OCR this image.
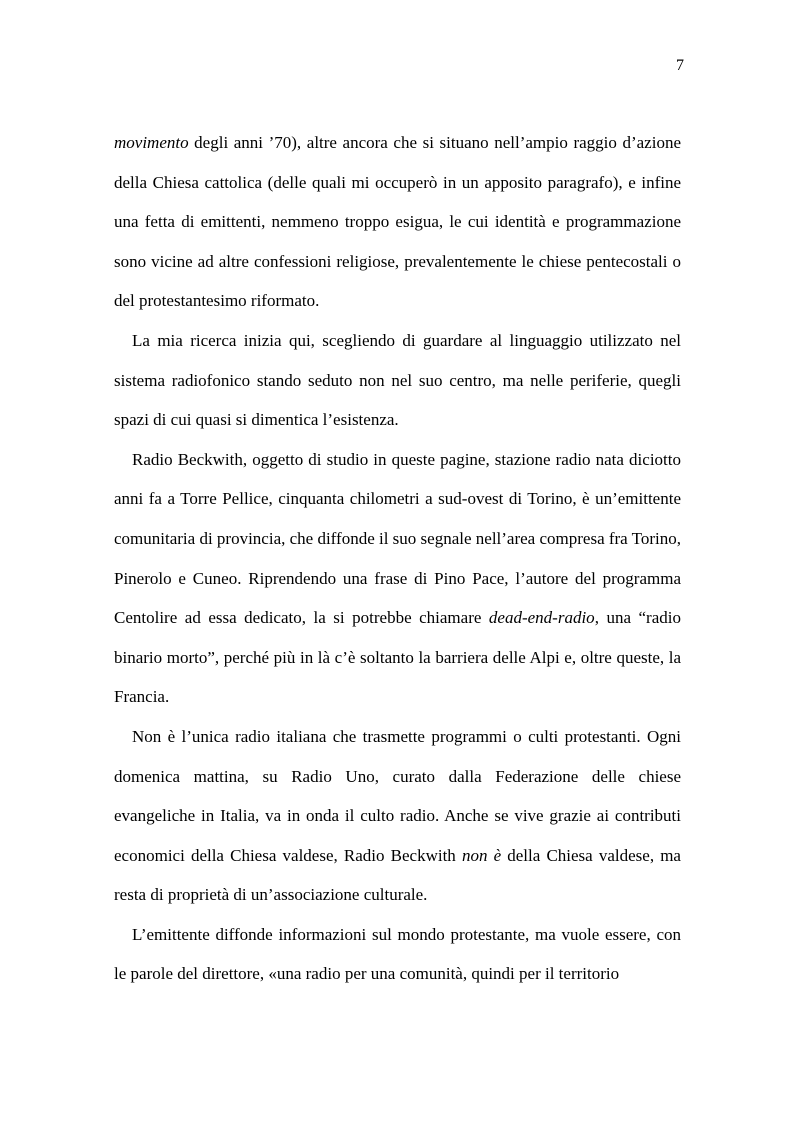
7

movimento degli anni ’70), altre ancora che si situano nell’ampio raggio d’azione della Chiesa cattolica (delle quali mi occuperò in un apposito paragrafo), e infine una fetta di emittenti, nemmeno troppo esigua, le cui identità e programmazione sono vicine ad altre confessioni religiose, prevalentemente le chiese pentecostali o del protestantesimo riformato.

La mia ricerca inizia qui, scegliendo di guardare al linguaggio utilizzato nel sistema radiofonico stando seduto non nel suo centro, ma nelle periferie, quegli spazi di cui quasi si dimentica l’esistenza.

Radio Beckwith, oggetto di studio in queste pagine, stazione radio nata diciotto anni fa a Torre Pellice, cinquanta chilometri a sud-ovest di Torino, è un’emittente comunitaria di provincia, che diffonde il suo segnale nell’area compresa fra Torino, Pinerolo e Cuneo. Riprendendo una frase di Pino Pace, l’autore del programma Centolire ad essa dedicato, la si potrebbe chiamare dead-end-radio, una “radio binario morto”, perché più in là c’è soltanto la barriera delle Alpi e, oltre queste, la Francia.

Non è l’unica radio italiana che trasmette programmi o culti protestanti. Ogni domenica mattina, su Radio Uno, curato dalla Federazione delle chiese evangeliche in Italia, va in onda il culto radio. Anche se vive grazie ai contributi economici della Chiesa valdese, Radio Beckwith non è della Chiesa valdese, ma resta di proprietà di un’associazione culturale.

L’emittente diffonde informazioni sul mondo protestante, ma vuole essere, con le parole del direttore, «una radio per una comunità, quindi per il territorio
